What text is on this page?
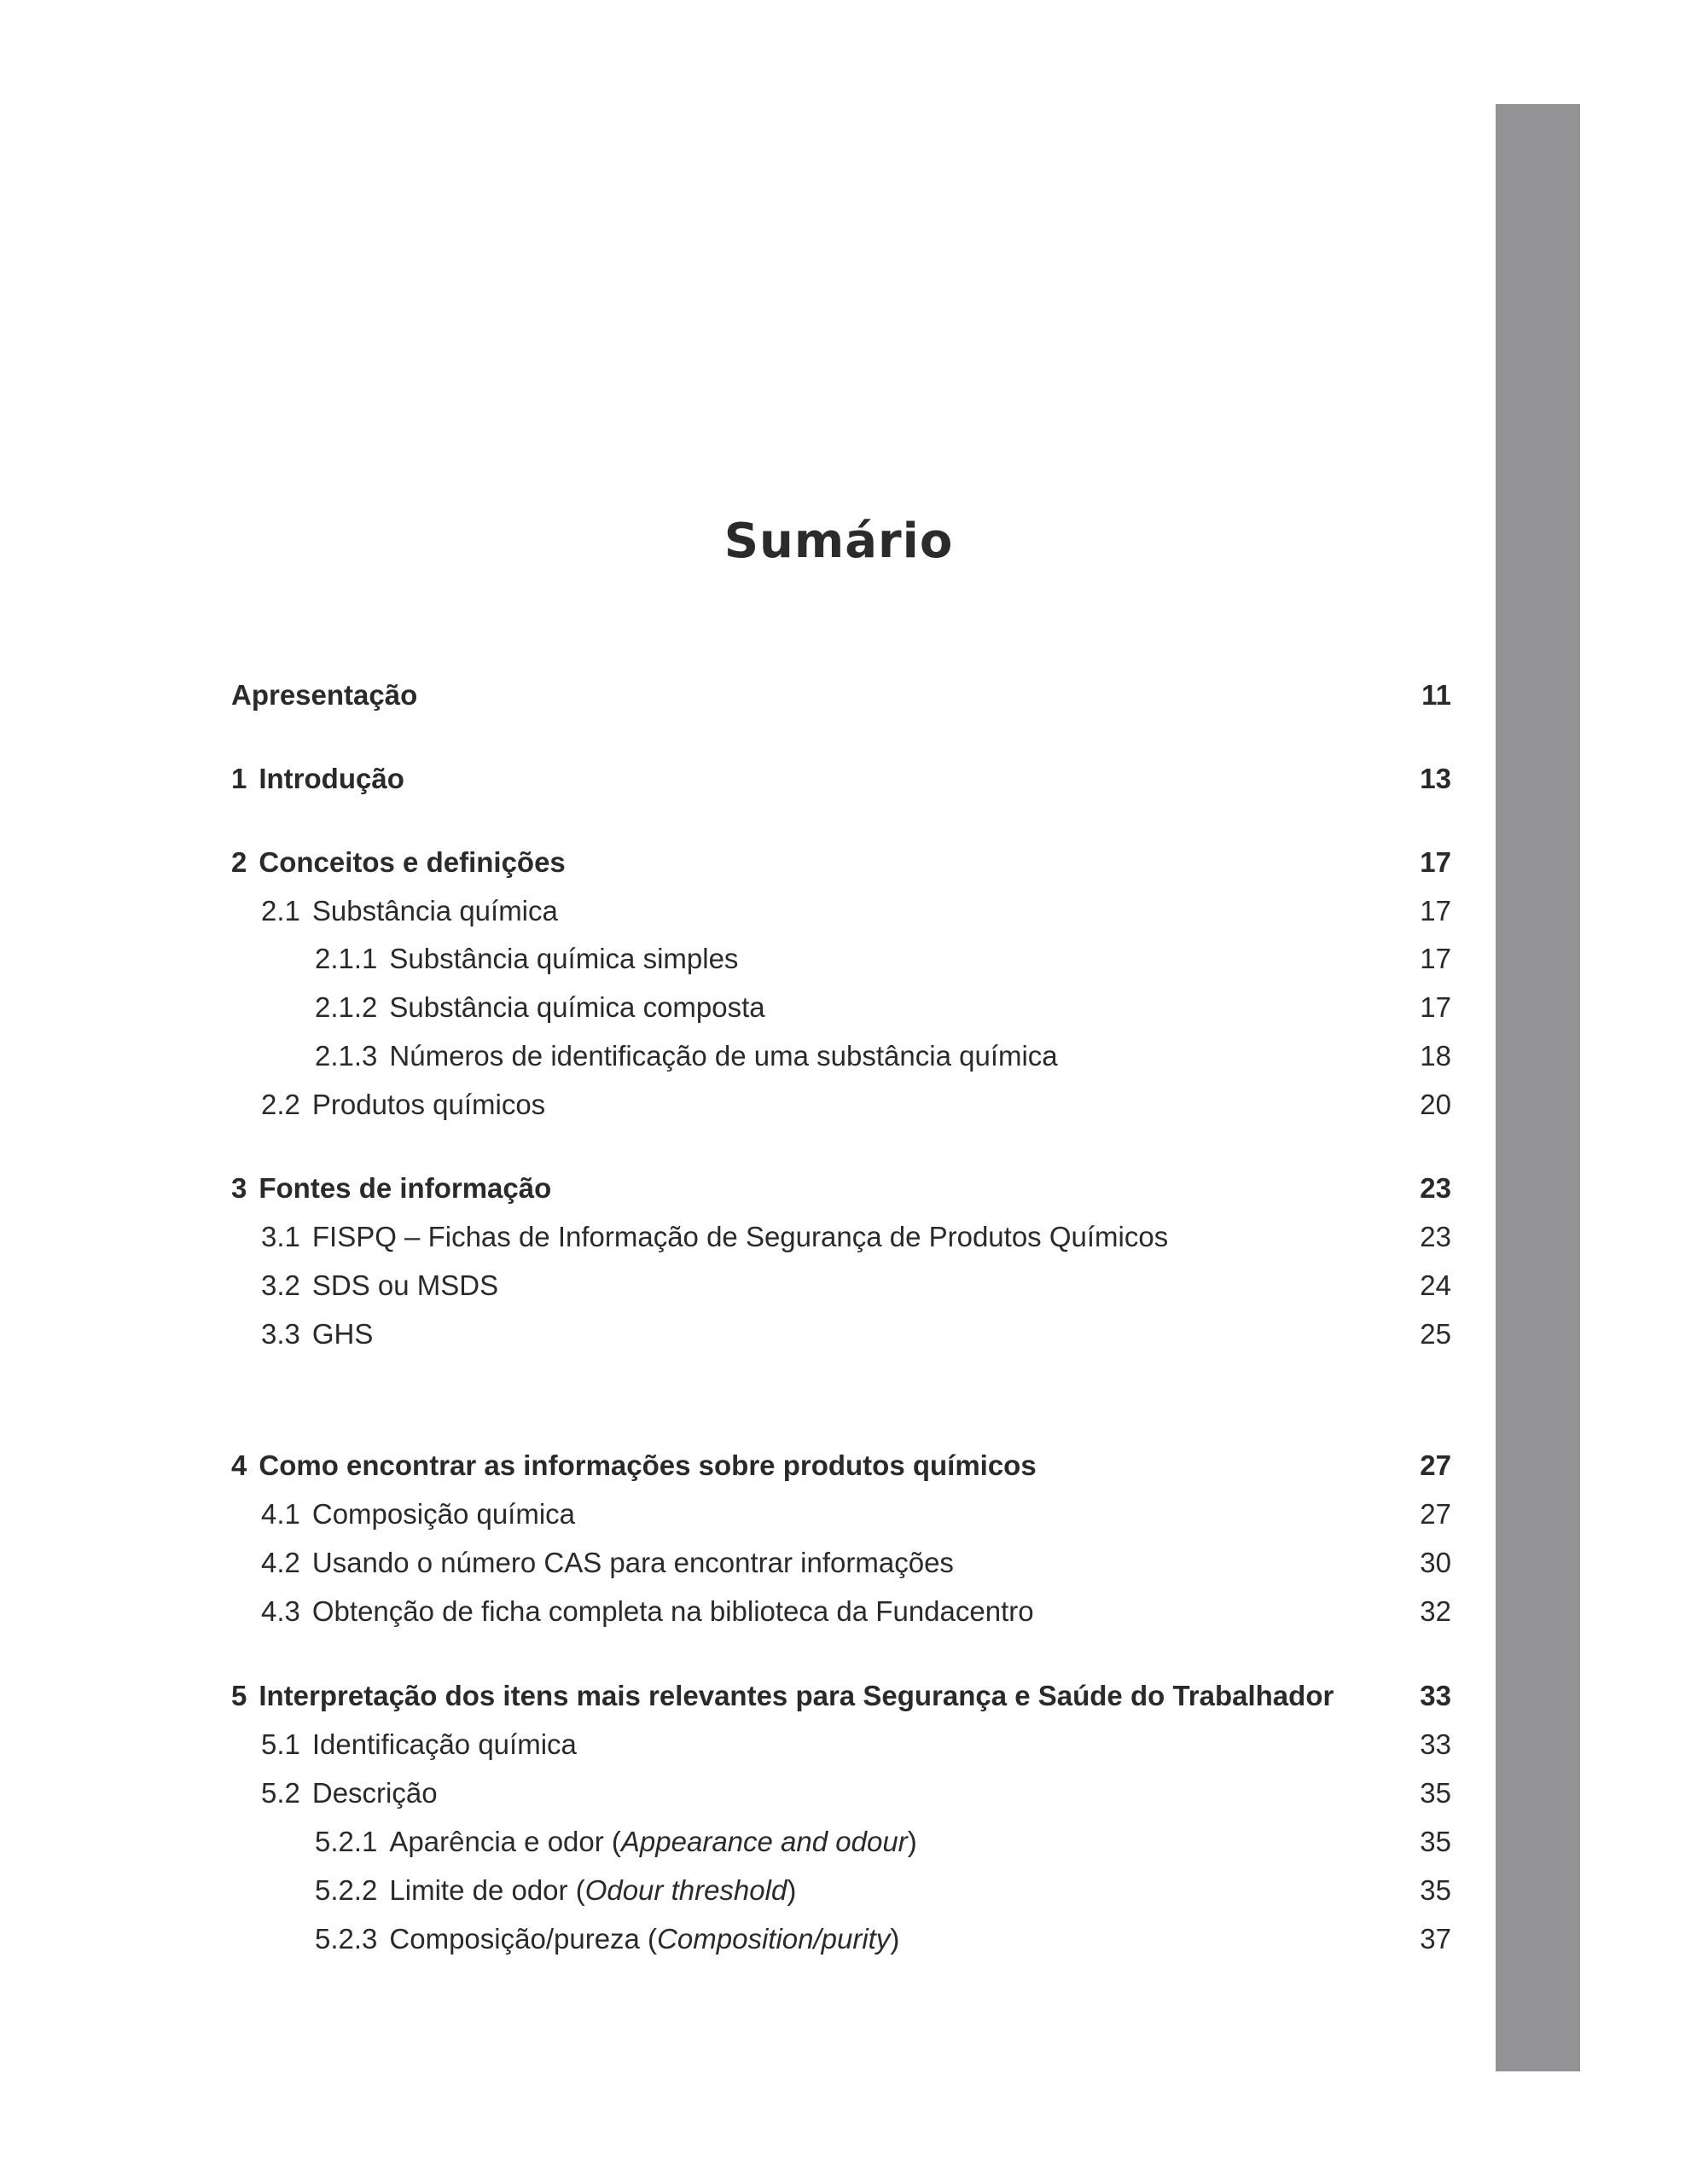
Sumário
Apresentação	11
1 Introdução	13
2 Conceitos e definições	17
2.1 Substância química	17
2.1.1 Substância química simples	17
2.1.2 Substância química composta	17
2.1.3 Números de identificação de uma substância química	18
2.2 Produtos químicos	20
3 Fontes de informação	23
3.1 FISPQ – Fichas de Informação de Segurança de Produtos Químicos	23
3.2 SDS ou MSDS	24
3.3 GHS	25
4 Como encontrar as informações sobre produtos químicos	27
4.1 Composição química	27
4.2 Usando o número CAS para encontrar informações	30
4.3 Obtenção de ficha completa na biblioteca da Fundacentro	32
5 Interpretação dos itens mais relevantes para Segurança e Saúde do Trabalhador	33
5.1 Identificação química	33
5.2 Descrição	35
5.2.1 Aparência e odor (Appearance and odour)	35
5.2.2 Limite de odor (Odour threshold)	35
5.2.3 Composição/pureza (Composition/purity)	37
